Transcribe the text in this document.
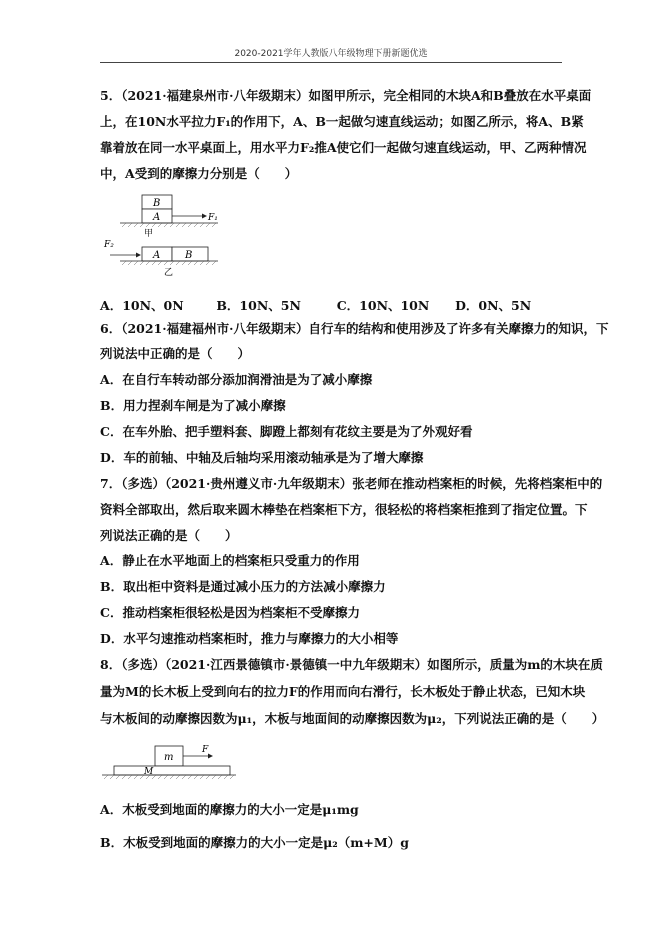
2020-2021学年人教版八年级物理下册新题优选
5．（2021·福建泉州市·八年级期末）如图甲所示，完全相同的木块A和B叠放在水平桌面
上，在10N水平拉力F₁的作用下，A、B一起做匀速直线运动；如图乙所示，将A、B紧
靠着放在同一水平桌面上，用水平力F₂推A使它们一起做匀速直线运动，甲、乙两种情况
中，A受到的摩擦力分别是（　　）
B
A	F₁
甲
F₂
A B
乙
A．10N、0N	B．10N、5N	C．10N、10N D．0N、5N
6．（2021·福建福州市·八年级期末）自行车的结构和使用涉及了许多有关摩擦力的知识，下
列说法中正确的是（　　）
A．在自行车转动部分添加润滑油是为了减小摩擦
B．用力捏刹车闸是为了减小摩擦
C．在车外胎、把手塑料套、脚蹬上都刻有花纹主要是为了外观好看
D．车的前轴、中轴及后轴均采用滚动轴承是为了增大摩擦
7．（多选）（2021·贵州遵义市·九年级期末）张老师在推动档案柜的时候，先将档案柜中的
资料全部取出，然后取来圆木棒垫在档案柜下方，很轻松的将档案柜推到了指定位置。下
列说法正确的是（　　）
A．静止在水平地面上的档案柜只受重力的作用
B．取出柜中资料是通过减小压力的方法减小摩擦力
C．推动档案柜很轻松是因为档案柜不受摩擦力
D．水平匀速推动档案柜时，推力与摩擦力的大小相等
8．（多选）（2021·江西景德镇市·景德镇一中九年级期末）如图所示，质量为m的木块在质
量为M的长木板上受到向右的拉力F的作用而向右滑行，长木板处于静止状态，已知木块
与木板间的动摩擦因数为μ₁，木板与地面间的动摩擦因数为μ₂，下列说法正确的是（　　）
m
F
M
A．木板受到地面的摩擦力的大小一定是μ₁mg
B．木板受到地面的摩擦力的大小一定是μ₂（m+M）g
